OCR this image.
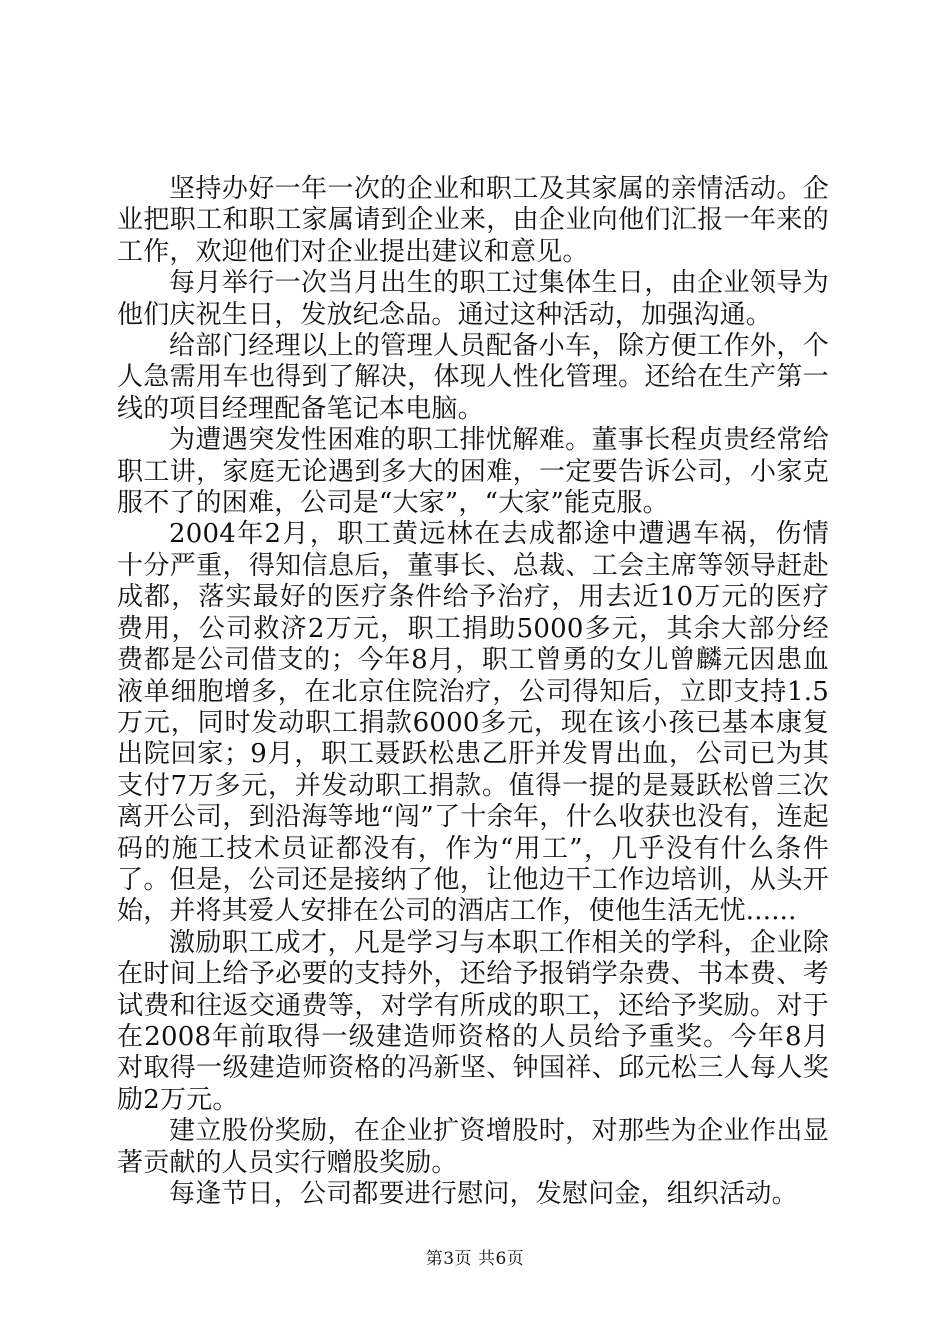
坚持办好一年一次的企业和职工及其家属的亲情活动。企业把职工和职工家属请到企业来，由企业向他们汇报一年来的工作，欢迎他们对企业提出建议和意见。

每月举行一次当月出生的职工过集体生日，由企业领导为他们庆祝生日，发放纪念品。通过这种活动，加强沟通。

给部门经理以上的管理人员配备小车，除方便工作外，个人急需用车也得到了解决，体现人性化管理。还给在生产第一线的项目经理配备笔记本电脑。

为遭遇突发性困难的职工排忧解难。董事长程贞贵经常给职工讲，家庭无论遇到多大的困难，一定要告诉公司，小家克服不了的困难，公司是“大家”，“大家”能克服。

2004年2月，职工黄远林在去成都途中遭遇车祸，伤情十分严重，得知信息后，董事长、总裁、工会主席等领导赶赴成都，落实最好的医疗条件给予治疗，用去近10万元的医疗费用，公司救济2万元，职工捐助5000多元，其余大部分经费都是公司借支的；今年8月，职工曾勇的女儿曾麟元因患血液单细胞增多，在北京住院治疗，公司得知后，立即支持1.5万元，同时发动职工捐款6000多元，现在该小孩已基本康复出院回家；9月，职工聂跃松患乙肝并发胃出血，公司已为其支付7万多元，并发动职工捐款。值得一提的是聂跃松曾三次离开公司，到沿海等地“闯”了十余年，什么收获也没有，连起码的施工技术员证都没有，作为“用工”，几乎没有什么条件了。但是，公司还是接纳了他，让他边干工作边培训，从头开始，并将其爱人安排在公司的酒店工作，使他生活无忧......

激励职工成才，凡是学习与本职工作相关的学科，企业除在时间上给予必要的支持外，还给予报销学杂费、书本费、考试费和往返交通费等，对学有所成的职工，还给予奖励。对于在2008年前取得一级建造师资格的人员给予重奖。今年8月对取得一级建造师资格的冯新坚、钟国祥、邱元松三人每人奖励2万元。

建立股份奖励，在企业扩资增股时，对那些为企业作出显著贡献的人员实行赠股奖励。

每逢节日，公司都要进行慰问，发慰问金，组织活动。

第3页 共6页
